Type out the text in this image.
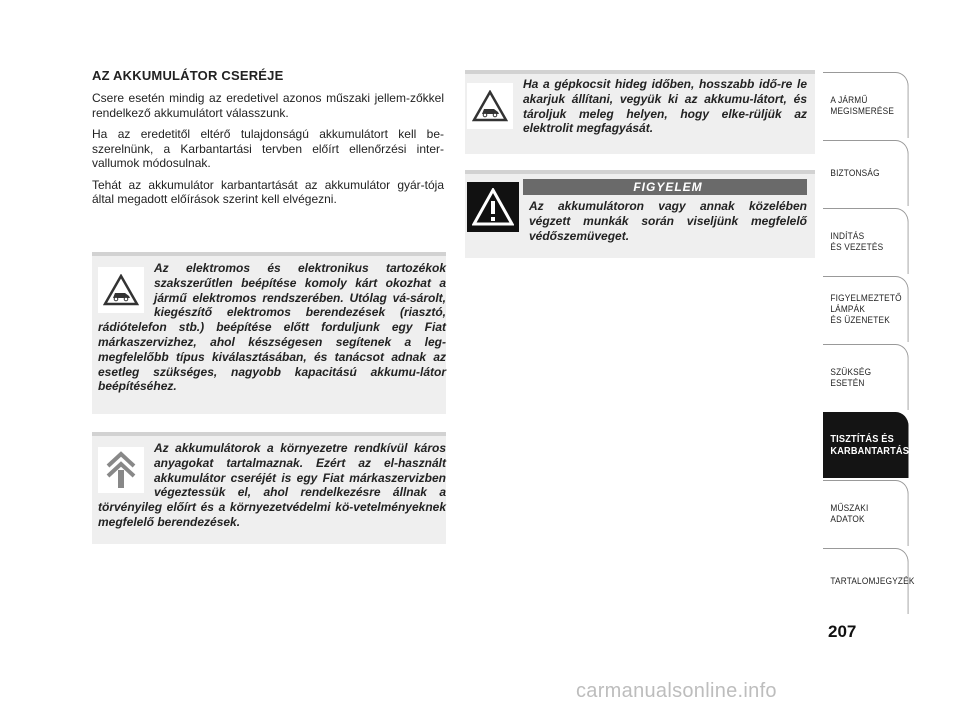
AZ AKKUMULÁTOR CSERÉJE

Csere esetén mindig az eredetivel azonos műszaki jellem-zőkkel rendelkező akkumulátort válasszunk.

Ha az eredetitől eltérő tulajdonságú akkumulátort kell be-szerelnünk, a Karbantartási tervben előírt ellenőrzési inter-vallumok módosulnak.

Tehát az akkumulátor karbantartását az akkumulátor gyár-tója által megadott előírások szerint kell elvégezni.

Az elektromos és elektronikus tartozékok szakszerűtlen beépítése komoly kárt okozhat a jármű elektromos rendszerében. Utólag vá-sárolt, kiegészítő elektromos berendezések (riasztó, rádiótelefon stb.) beépítése előtt forduljunk egy Fiat márkaszervizhez, ahol készségesen segítenek a leg-megfelelőbb típus kiválasztásában, és tanácsot adnak az esetleg szükséges, nagyobb kapacitású akkumu-látor beépítéséhez.

Az akkumulátorok a környezetre rendkívül káros anyagokat tartalmaznak. Ezért az el-használt akkumulátor cseréjét is egy Fiat márkaszervizben végeztessük el, ahol rendelkezésre állnak a törvényileg előírt és a környezetvédelmi kö-vetelményeknek megfelelő berendezések.

Ha a gépkocsit hideg időben, hosszabb idő-re le akarjuk állítani, vegyük ki az akkumu-látort, és tároljuk meleg helyen, hogy elke-rüljük az elektrolit megfagyását.

FIGYELEM

Az akkumulátoron vagy annak közelében végzett munkák során viseljünk megfelelő védőszemüveget.

A JÁRMŰ
MEGISMERÉSE
BIZTONSÁG
INDÍTÁS
ÉS VEZETÉS
FIGYELMEZTETŐ
LÁMPÁK
ÉS ÜZENETEK
SZÜKSÉG
ESETÉN
TISZTÍTÁS ÉS
KARBANTARTÁS
MŰSZAKI
ADATOK
TARTALOMJEGYZÉK
207
carmanualsonline.info
